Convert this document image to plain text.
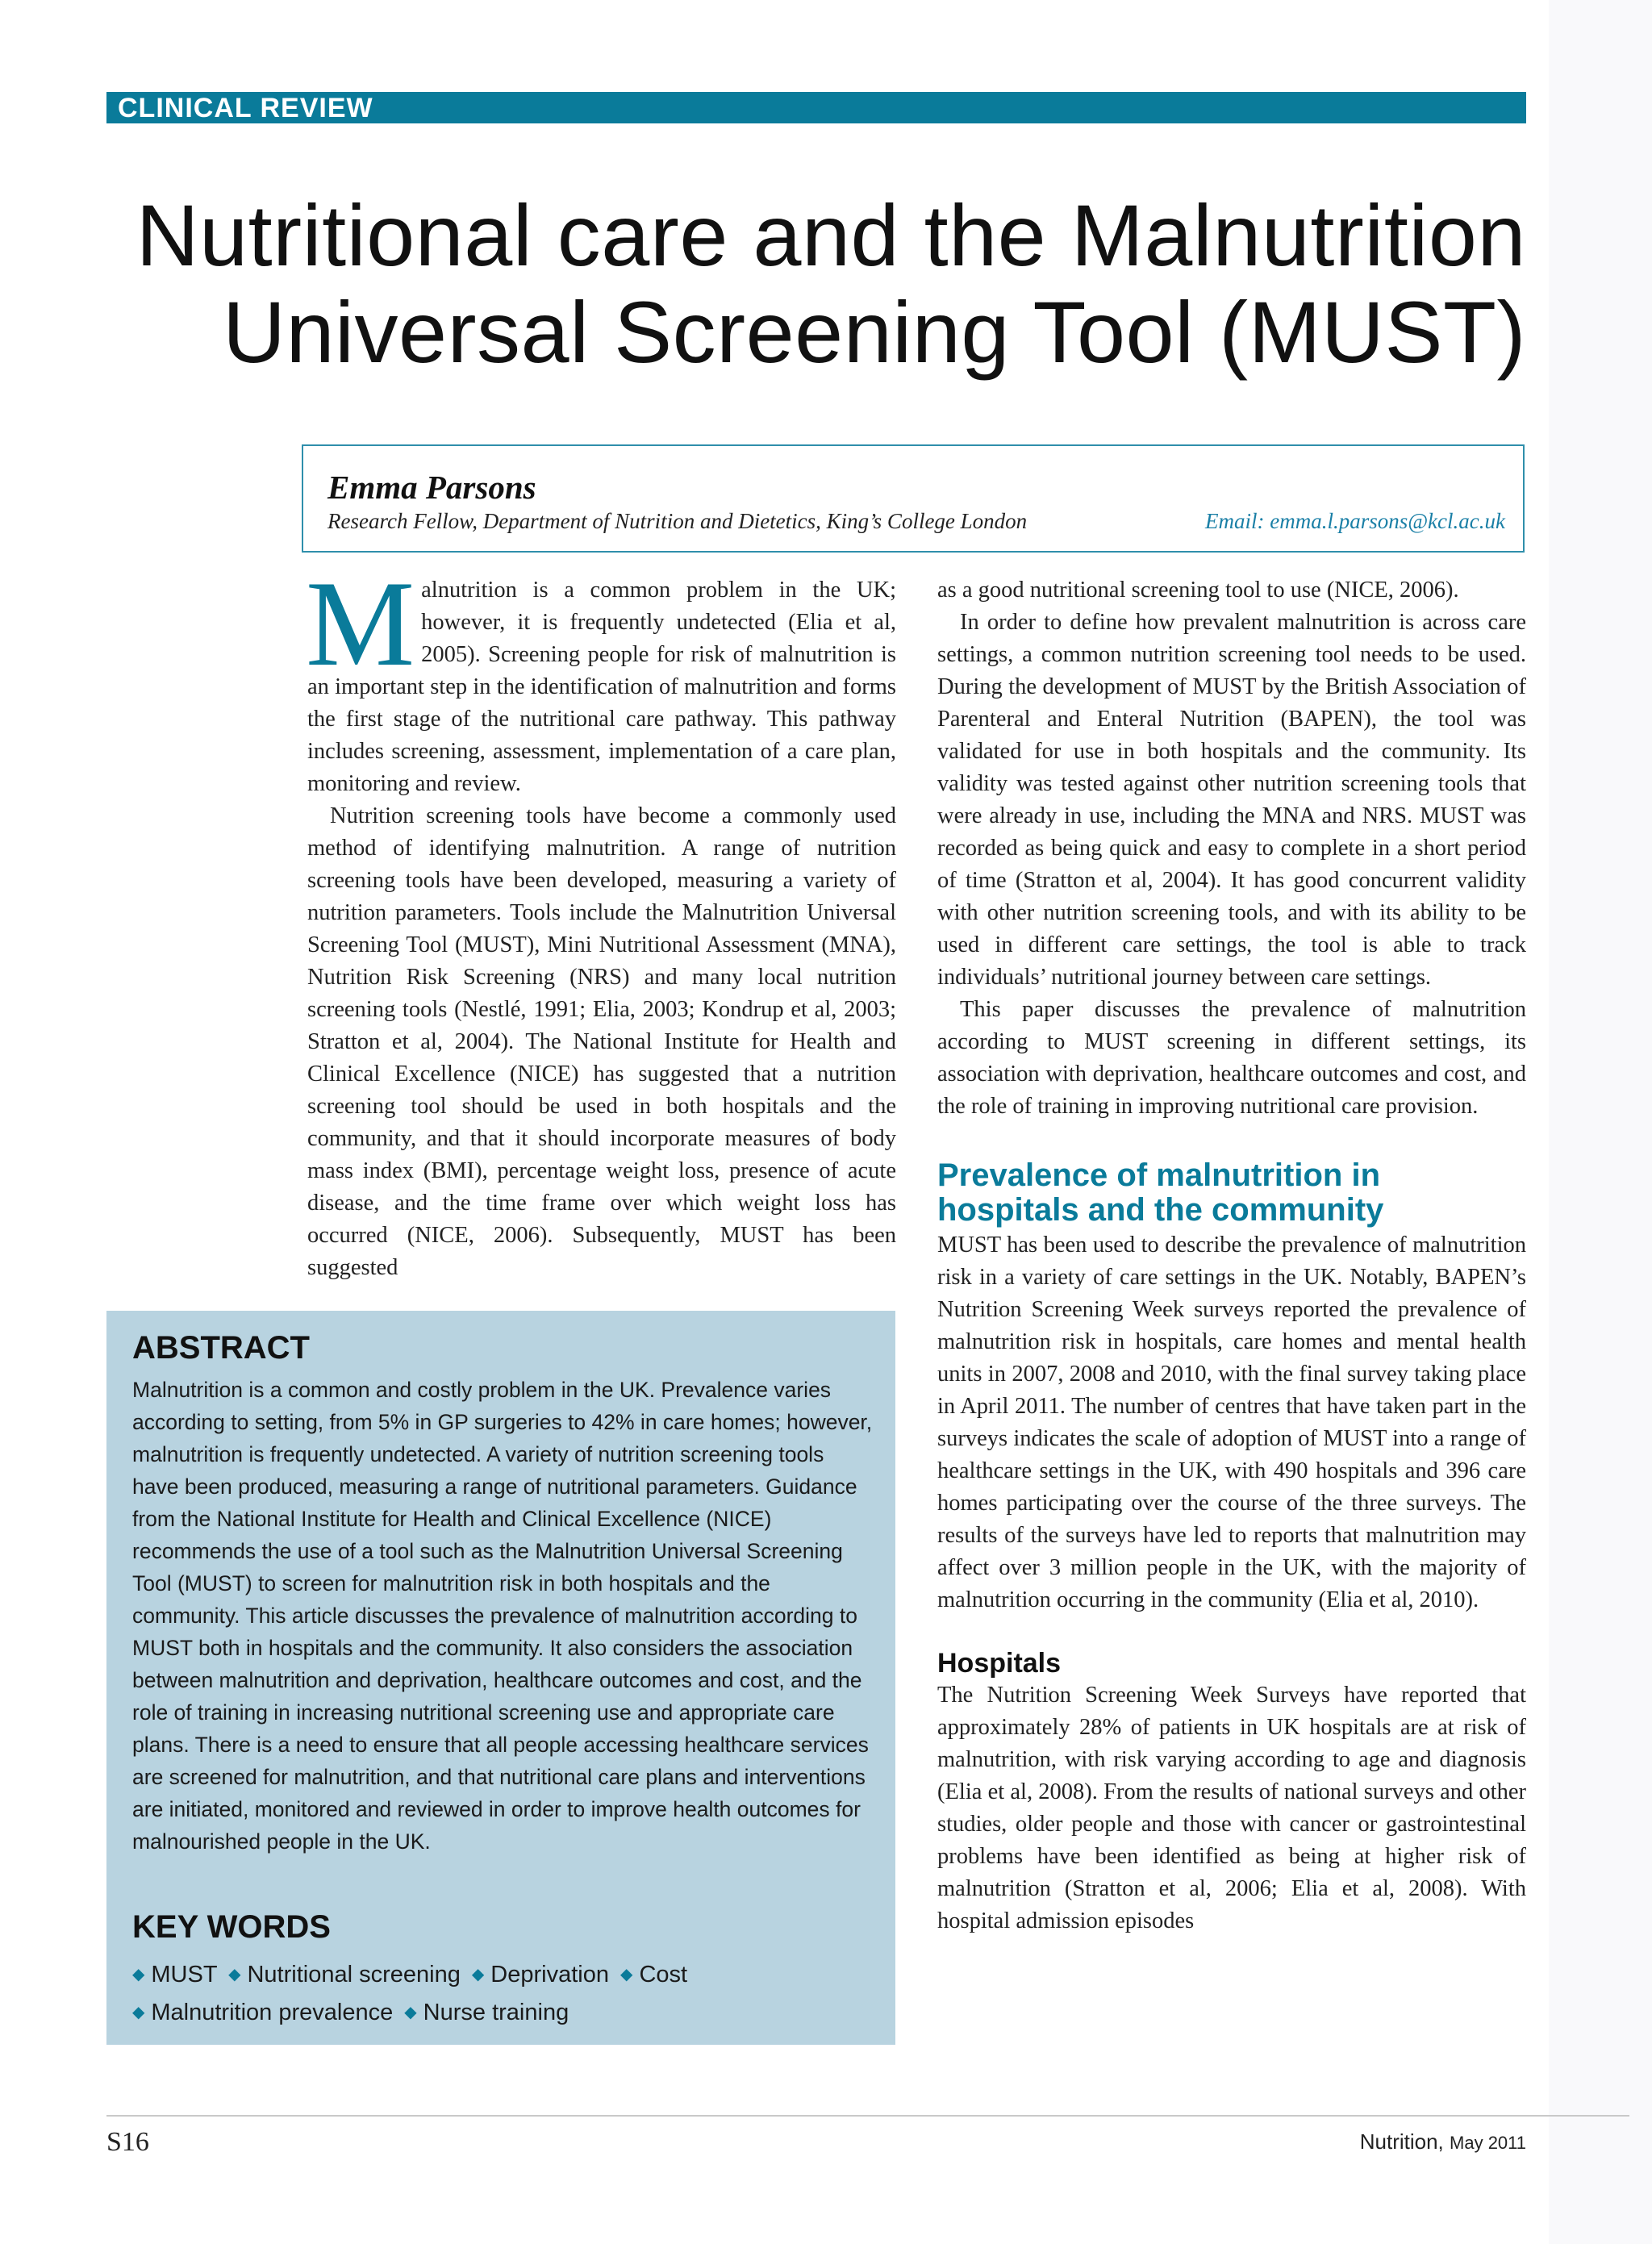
CLINICAL REVIEW
Nutritional care and the Malnutrition
Universal Screening Tool (MUST)
Emma Parsons
Research Fellow, Department of Nutrition and Dietetics, King’s College London	Email: emma.l.parsons@kcl.ac.uk

Malnutrition is a common problem in the UK; however, it is frequently undetected (Elia et al, 2005). Screening people for risk of malnutrition is an important step in the identification of malnutrition and forms the first stage of the nutritional care pathway. This pathway includes screening, assessment, implementation of a care plan, monitoring and review.

Nutrition screening tools have become a commonly used method of identifying malnutrition. A range of nutrition screening tools have been developed, measuring a variety of nutrition parameters. Tools include the Malnutrition Universal Screening Tool (MUST), Mini Nutritional Assessment (MNA), Nutrition Risk Screening (NRS) and many local nutrition screening tools (Nestlé, 1991; Elia, 2003; Kondrup et al, 2003; Stratton et al, 2004). The National Institute for Health and Clinical Excellence (NICE) has suggested that a nutrition screening tool should be used in both hospitals and the community, and that it should incorporate measures of body mass index (BMI), percentage weight loss, presence of acute disease, and the time frame over which weight loss has occurred (NICE, 2006). Subsequently, MUST has been suggested

as a good nutritional screening tool to use (NICE, 2006).

In order to define how prevalent malnutrition is across care settings, a common nutrition screening tool needs to be used. During the development of MUST by the British Association of Parenteral and Enteral Nutrition (BAPEN), the tool was validated for use in both hospitals and the community. Its validity was tested against other nutrition screening tools that were already in use, including the MNA and NRS. MUST was recorded as being quick and easy to complete in a short period of time (Stratton et al, 2004). It has good concurrent validity with other nutrition screening tools, and with its ability to be used in different care settings, the tool is able to track individuals’ nutritional journey between care settings.

This paper discusses the prevalence of malnutrition according to MUST screening in different settings, its association with deprivation, healthcare outcomes and cost, and the role of training in improving nutritional care provision.

Prevalence of malnutrition in
hospitals and the community

MUST has been used to describe the prevalence of malnutrition risk in a variety of care settings in the UK. Notably, BAPEN’s Nutrition Screening Week surveys reported the prevalence of malnutrition risk in hospitals, care homes and mental health units in 2007, 2008 and 2010, with the final survey taking place in April 2011. The number of centres that have taken part in the surveys indicates the scale of adoption of MUST into a range of healthcare settings in the UK, with 490 hospitals and 396 care homes participating over the course of the three surveys. The results of the surveys have led to reports that malnutrition may affect over 3 million people in the UK, with the majority of malnutrition occurring in the community (Elia et al, 2010).

Hospitals

The Nutrition Screening Week Surveys have reported that approximately 28% of patients in UK hospitals are at risk of malnutrition, with risk varying according to age and diagnosis (Elia et al, 2008). From the results of national surveys and other studies, older people and those with cancer or gastrointestinal problems have been identified as being at higher risk of malnutrition (Stratton et al, 2006; Elia et al, 2008). With hospital admission episodes

ABSTRACT
Malnutrition is a common and costly problem in the UK. Prevalence varies according to setting, from 5% in GP surgeries to 42% in care homes; however, malnutrition is frequently undetected. A variety of nutrition screening tools have been produced, measuring a range of nutritional parameters. Guidance from the National Institute for Health and Clinical Excellence (NICE) recommends the use of a tool such as the Malnutrition Universal Screening Tool (MUST) to screen for malnutrition risk in both hospitals and the community. This article discusses the prevalence of malnutrition according to MUST both in hospitals and the community. It also considers the association between malnutrition and deprivation, healthcare outcomes and cost, and the role of training in increasing nutritional screening use and appropriate care plans. There is a need to ensure that all people accessing healthcare services are screened for malnutrition, and that nutritional care plans and interventions are initiated, monitored and reviewed in order to improve health outcomes for malnourished people in the UK.
KEY WORDS
◆ MUST ◆ Nutritional screening ◆ Deprivation ◆ Cost
◆ Malnutrition prevalence ◆ Nurse training
S16	Nutrition, May 2011
